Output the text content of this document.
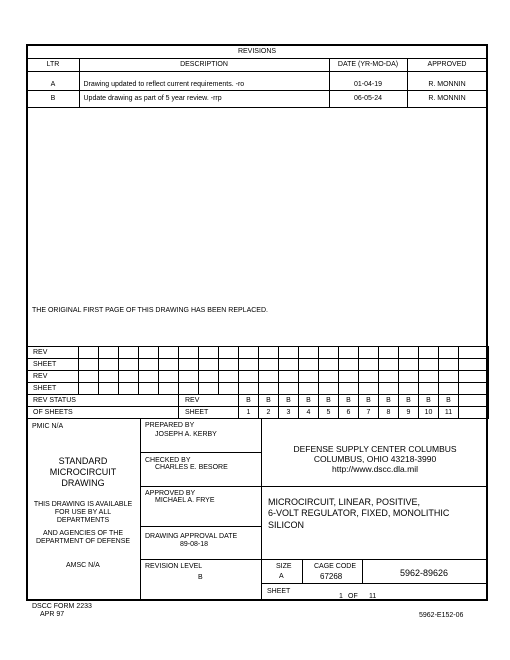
REVISIONS			
LTR	DESCRIPTION	DATE (YR-MO-DA)	APPROVED
A	Drawing updated to reflect current requirements. -ro	01-04-19	R. MONNIN
B	Update drawing as part of 5 year review. -rrp	06-05-24	R. MONNIN
THE ORIGINAL FIRST PAGE OF THIS DRAWING HAS BEEN REPLACED.
REV																				
SHEET																				
REV																				
SHEET																				
REV STATUS						REV			B	B	B	B	B	B	B	B	B	B	B	
OF SHEETS						SHEET			1	2	3	4	5	6	7	8	9	10	11	
PMIC N/A
STANDARD
MICROCIRCUIT
DRAWING
THIS DRAWING IS AVAILABLE
FOR USE BY ALL
DEPARTMENTS
AND AGENCIES OF THE
DEPARTMENT OF DEFENSE
AMSC N/A
PREPARED BY
JOSEPH A. KERBY
CHECKED BY
CHARLES E. BESORE
APPROVED BY
MICHAEL A. FRYE
DRAWING APPROVAL DATE
89-08-18
REVISION LEVEL
B
DEFENSE SUPPLY CENTER COLUMBUS
COLUMBUS, OHIO 43218-3990
http://www.dscc.dla.mil
MICROCIRCUIT, LINEAR, POSITIVE,
6-VOLT REGULATOR, FIXED, MONOLITHIC
SILICON
SIZE
A
CAGE CODE
67268	5962-89626
SHEET
1 OF 11
DSCC FORM 2233
APR 97	5962-E152-06
